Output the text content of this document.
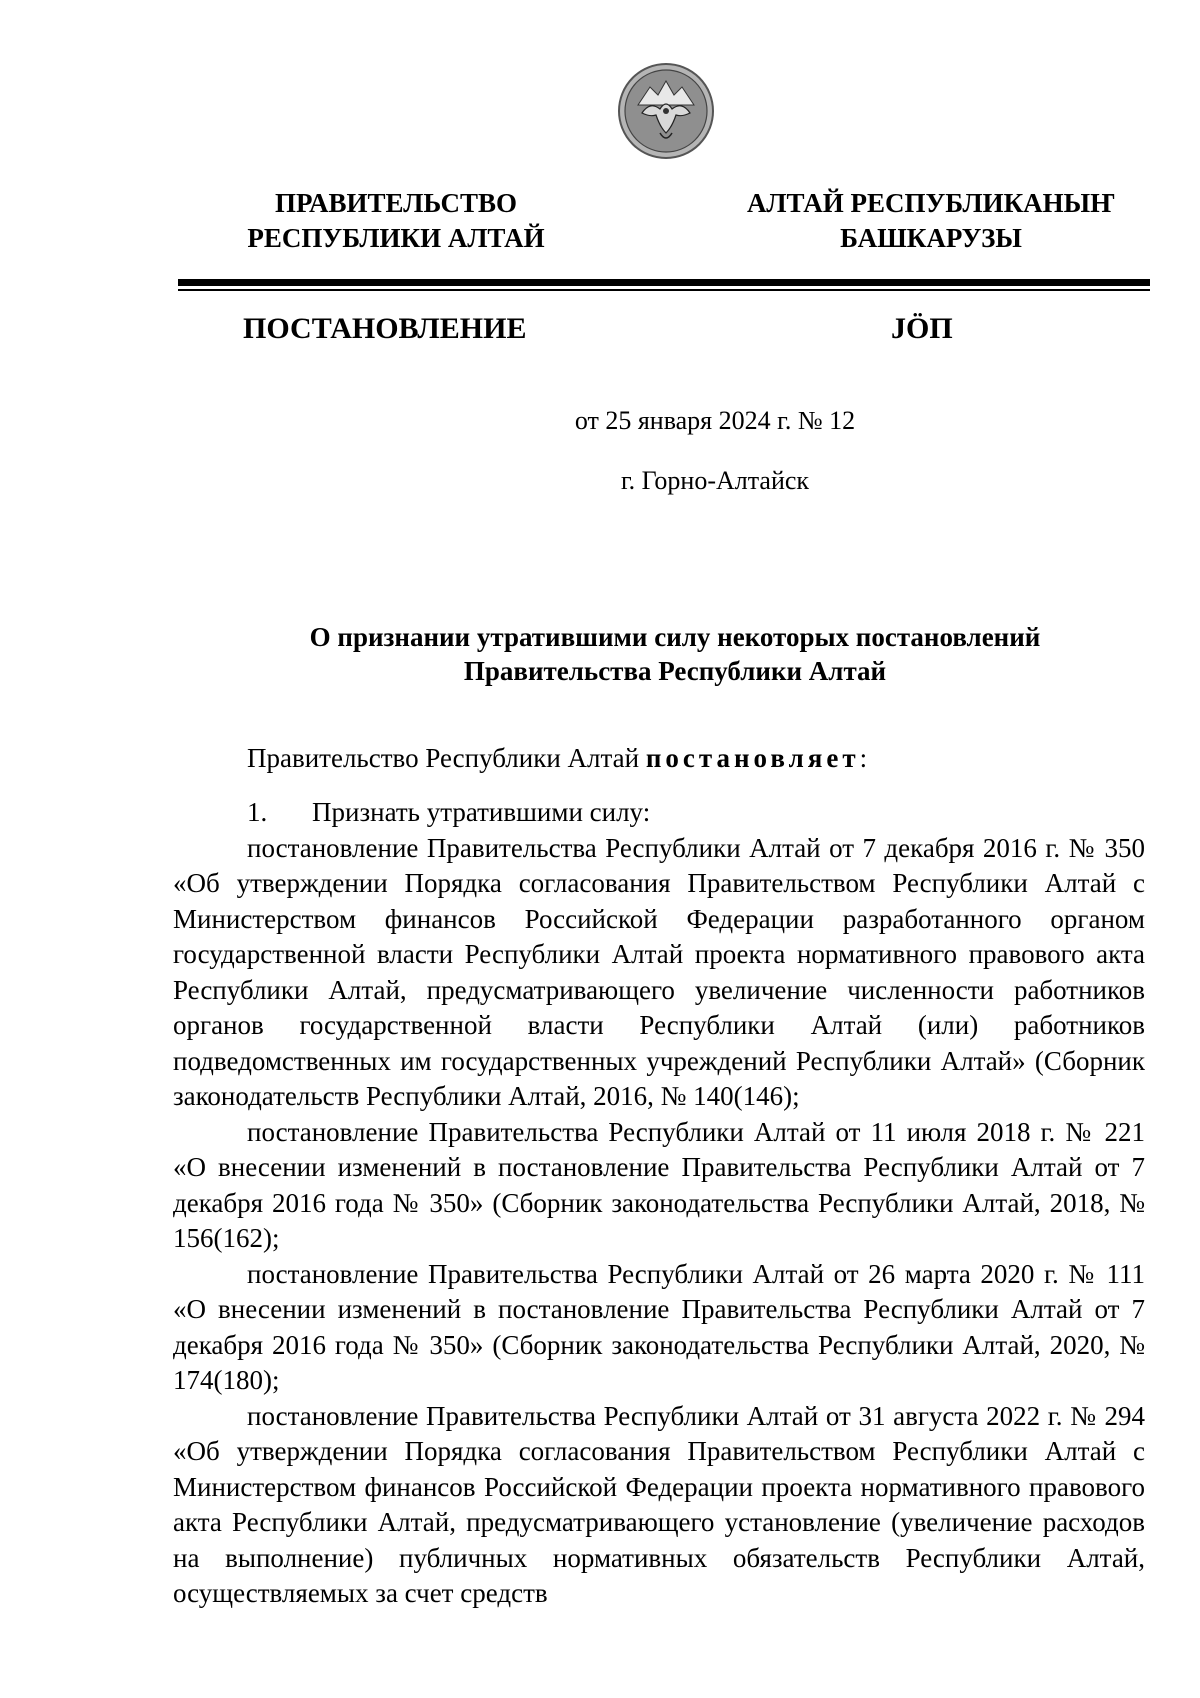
ПРАВИТЕЛЬСТВО
РЕСПУБЛИКИ АЛТАЙ
АЛТАЙ РЕСПУБЛИКАНЫҤ
БАШКАРУЗЫ
ПОСТАНОВЛЕНИЕ	JӦП
от 25 января 2024 г. № 12
г. Горно-Алтайск
О признании утратившими силу некоторых постановлений
Правительства Республики Алтай
Правительство Республики Алтай постановляет:
1. Признать утратившими силу:

постановление Правительства Республики Алтай от 7 декабря 2016 г. № 350 «Об утверждении Порядка согласования Правительством Республики Алтай с Министерством финансов Российской Федерации разработанного органом государственной власти Республики Алтай проекта нормативного правового акта Республики Алтай, предусматривающего увеличение численности работников органов государственной власти Республики Алтай (или) работников подведомственных им государственных учреждений Республики Алтай» (Сборник законодательств Республики Алтай, 2016, № 140(146);

постановление Правительства Республики Алтай от 11 июля 2018 г. № 221 «О внесении изменений в постановление Правительства Республики Алтай от 7 декабря 2016 года № 350» (Сборник законодательства Республики Алтай, 2018, № 156(162);

постановление Правительства Республики Алтай от 26 марта 2020 г. № 111 «О внесении изменений в постановление Правительства Республики Алтай от 7 декабря 2016 года № 350» (Сборник законодательства Республики Алтай, 2020, № 174(180);

постановление Правительства Республики Алтай от 31 августа 2022 г. № 294 «Об утверждении Порядка согласования Правительством Республики Алтай с Министерством финансов Российской Федерации проекта нормативного правового акта Республики Алтай, предусматривающего установление (увеличение расходов на выполнение) публичных нормативных обязательств Республики Алтай, осуществляемых за счет средств
